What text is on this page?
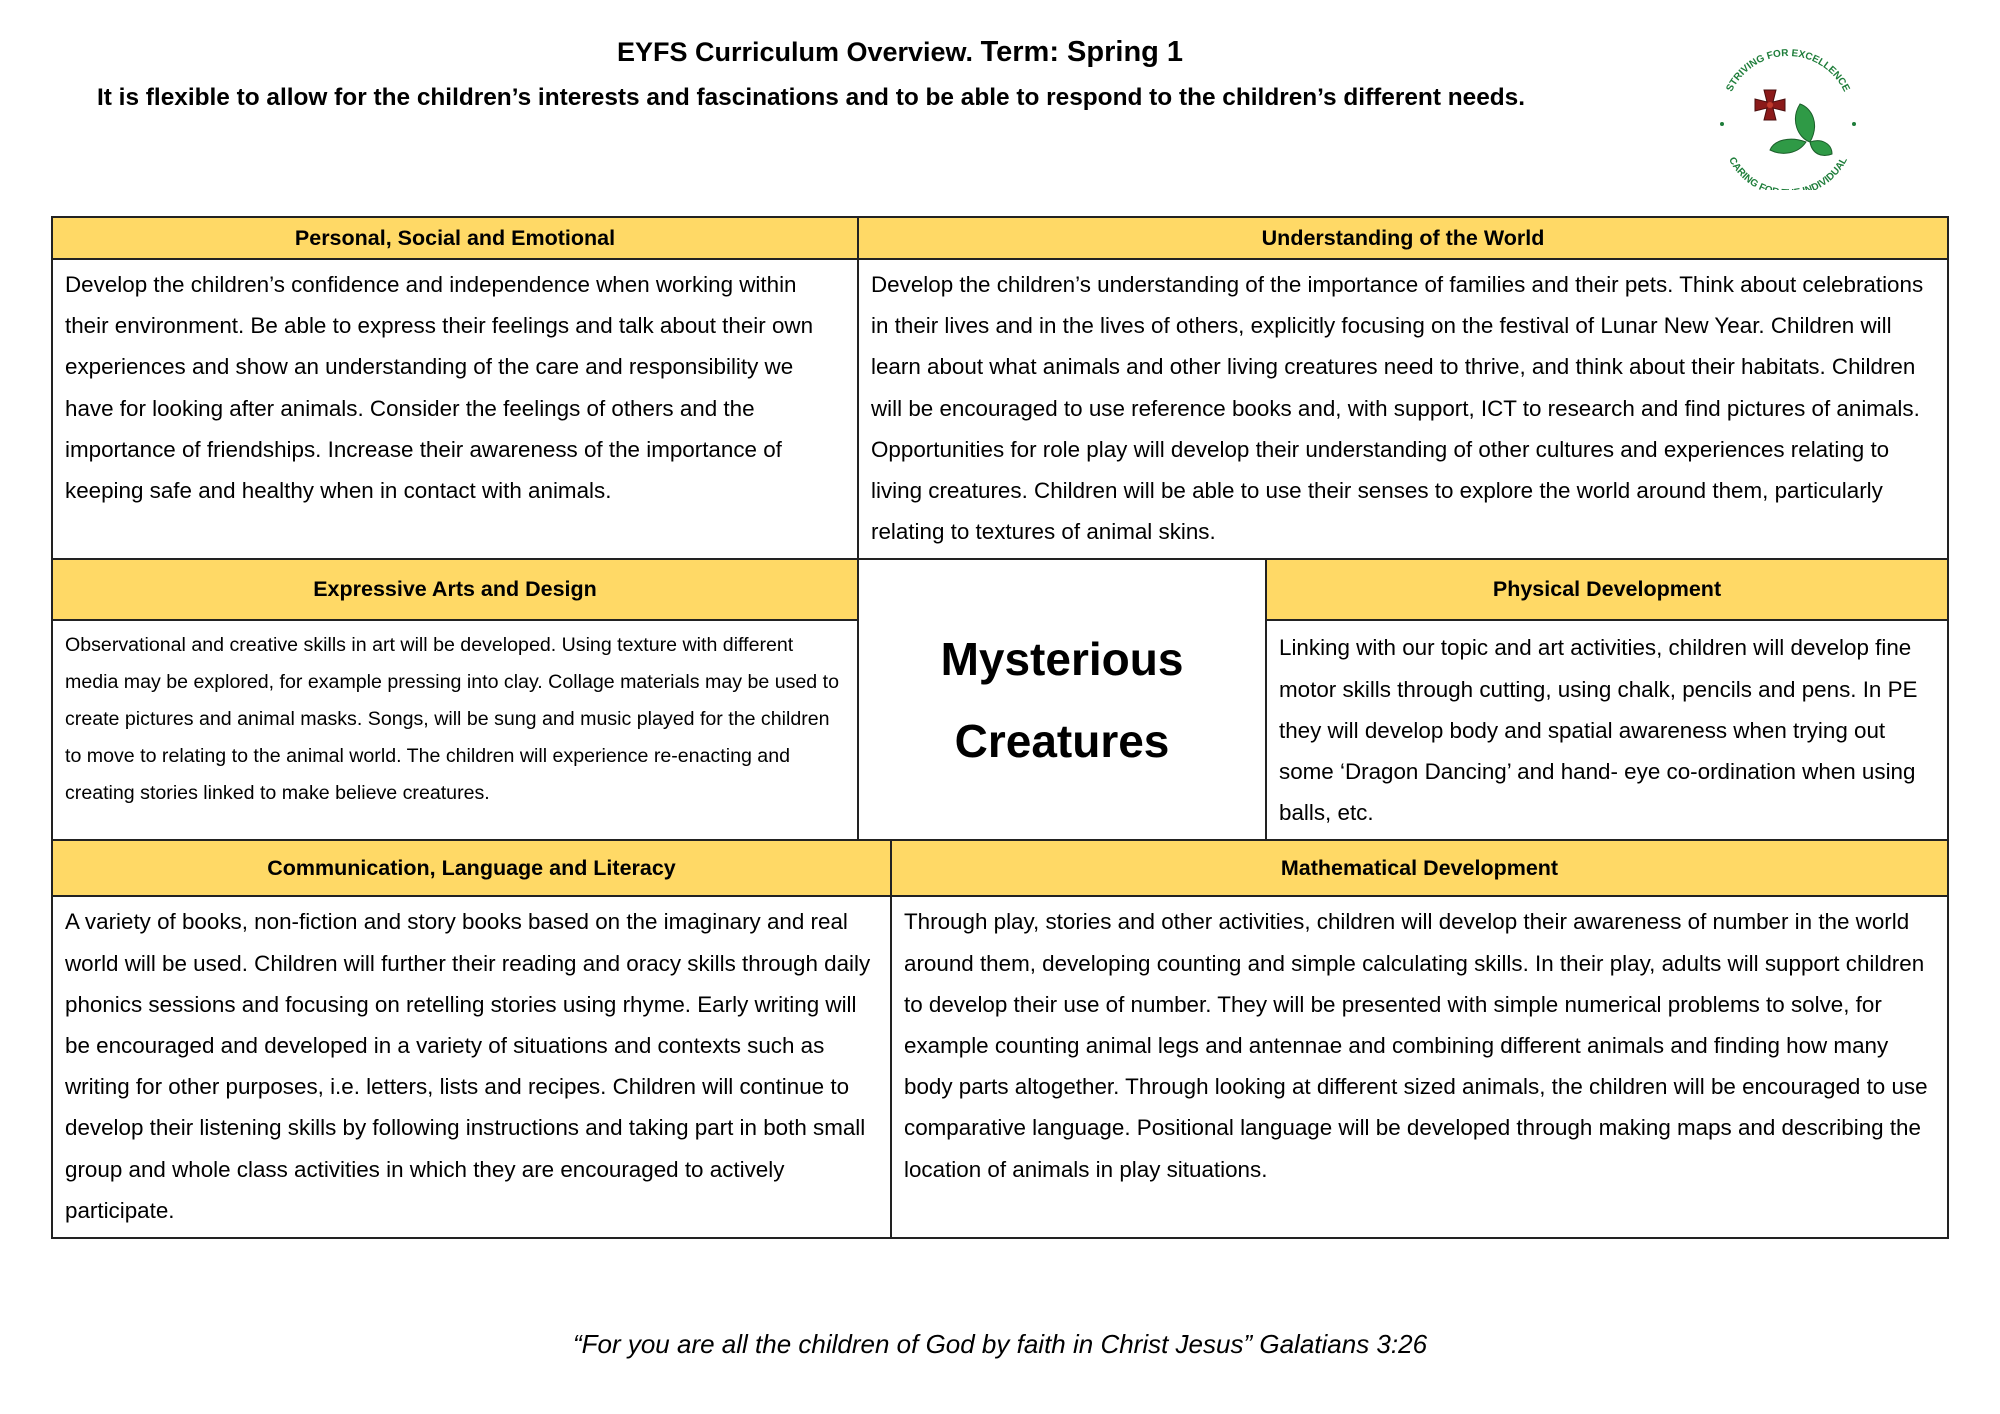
EYFS Curriculum Overview. Term: Spring 1
It is flexible to allow for the children’s interests and fascinations and to be able to respond to the children’s different needs.	STRIVING FOR EXCELLENCE
CARING F NDIVIDUAL
Personal, Social and Emotional
Develop the children’s confidence and independence when working within their environment. Be able to express their feelings and talk about their own experiences and show an understanding of the care and responsibility we have for looking after animals. Consider the feelings of others and the importance of friendships. Increase their awareness of the importance of keeping safe and healthy when in contact with animals.
Understanding of the World
Develop the children’s understanding of the importance of families and their pets. Think about celebrations in their lives and in the lives of others, explicitly focusing on the festival of Lunar New Year. Children will learn about what animals and other living creatures need to thrive, and think about their habitats. Children will be encouraged to use reference books and, with support, ICT to research and find pictures of animals. Opportunities for role play will develop their understanding of other cultures and experiences relating to living creatures. Children will be able to use their senses to explore the world around them, particularly relating to textures of animal skins.
Expressive Arts and Design
Observational and creative skills in art will be developed. Using texture with different media may be explored, for example pressing into clay. Collage materials may be used to create pictures and animal masks. Songs, will be sung and music played for the children to move to relating to the animal world. The children will experience re-enacting and creating stories linked to make believe creatures.
Mysterious
Creatures
Physical Development
Linking with our topic and art activities, children will develop fine motor skills through cutting, using chalk, pencils and pens. In PE they will develop body and spatial awareness when trying out some ‘Dragon Dancing’ and hand- eye co-ordination when using balls, etc.
Communication, Language and Literacy
A variety of books, non-fiction and story books based on the imaginary and real world will be used. Children will further their reading and oracy skills through daily phonics sessions and focusing on retelling stories using rhyme. Early writing will be encouraged and developed in a variety of situations and contexts such as writing for other purposes, i.e. letters, lists and recipes. Children will continue to develop their listening skills by following instructions and taking part in both small group and whole class activities in which they are encouraged to actively participate.
Mathematical Development
Through play, stories and other activities, children will develop their awareness of number in the world around them, developing counting and simple calculating skills. In their play, adults will support children to develop their use of number. They will be presented with simple numerical problems to solve, for example counting animal legs and antennae and combining different animals and finding how many body parts altogether. Through looking at different sized animals, the children will be encouraged to use comparative language. Positional language will be developed through making maps and describing the location of animals in play situations.
“For you are all the children of God by faith in Christ Jesus” Galatians 3:26
